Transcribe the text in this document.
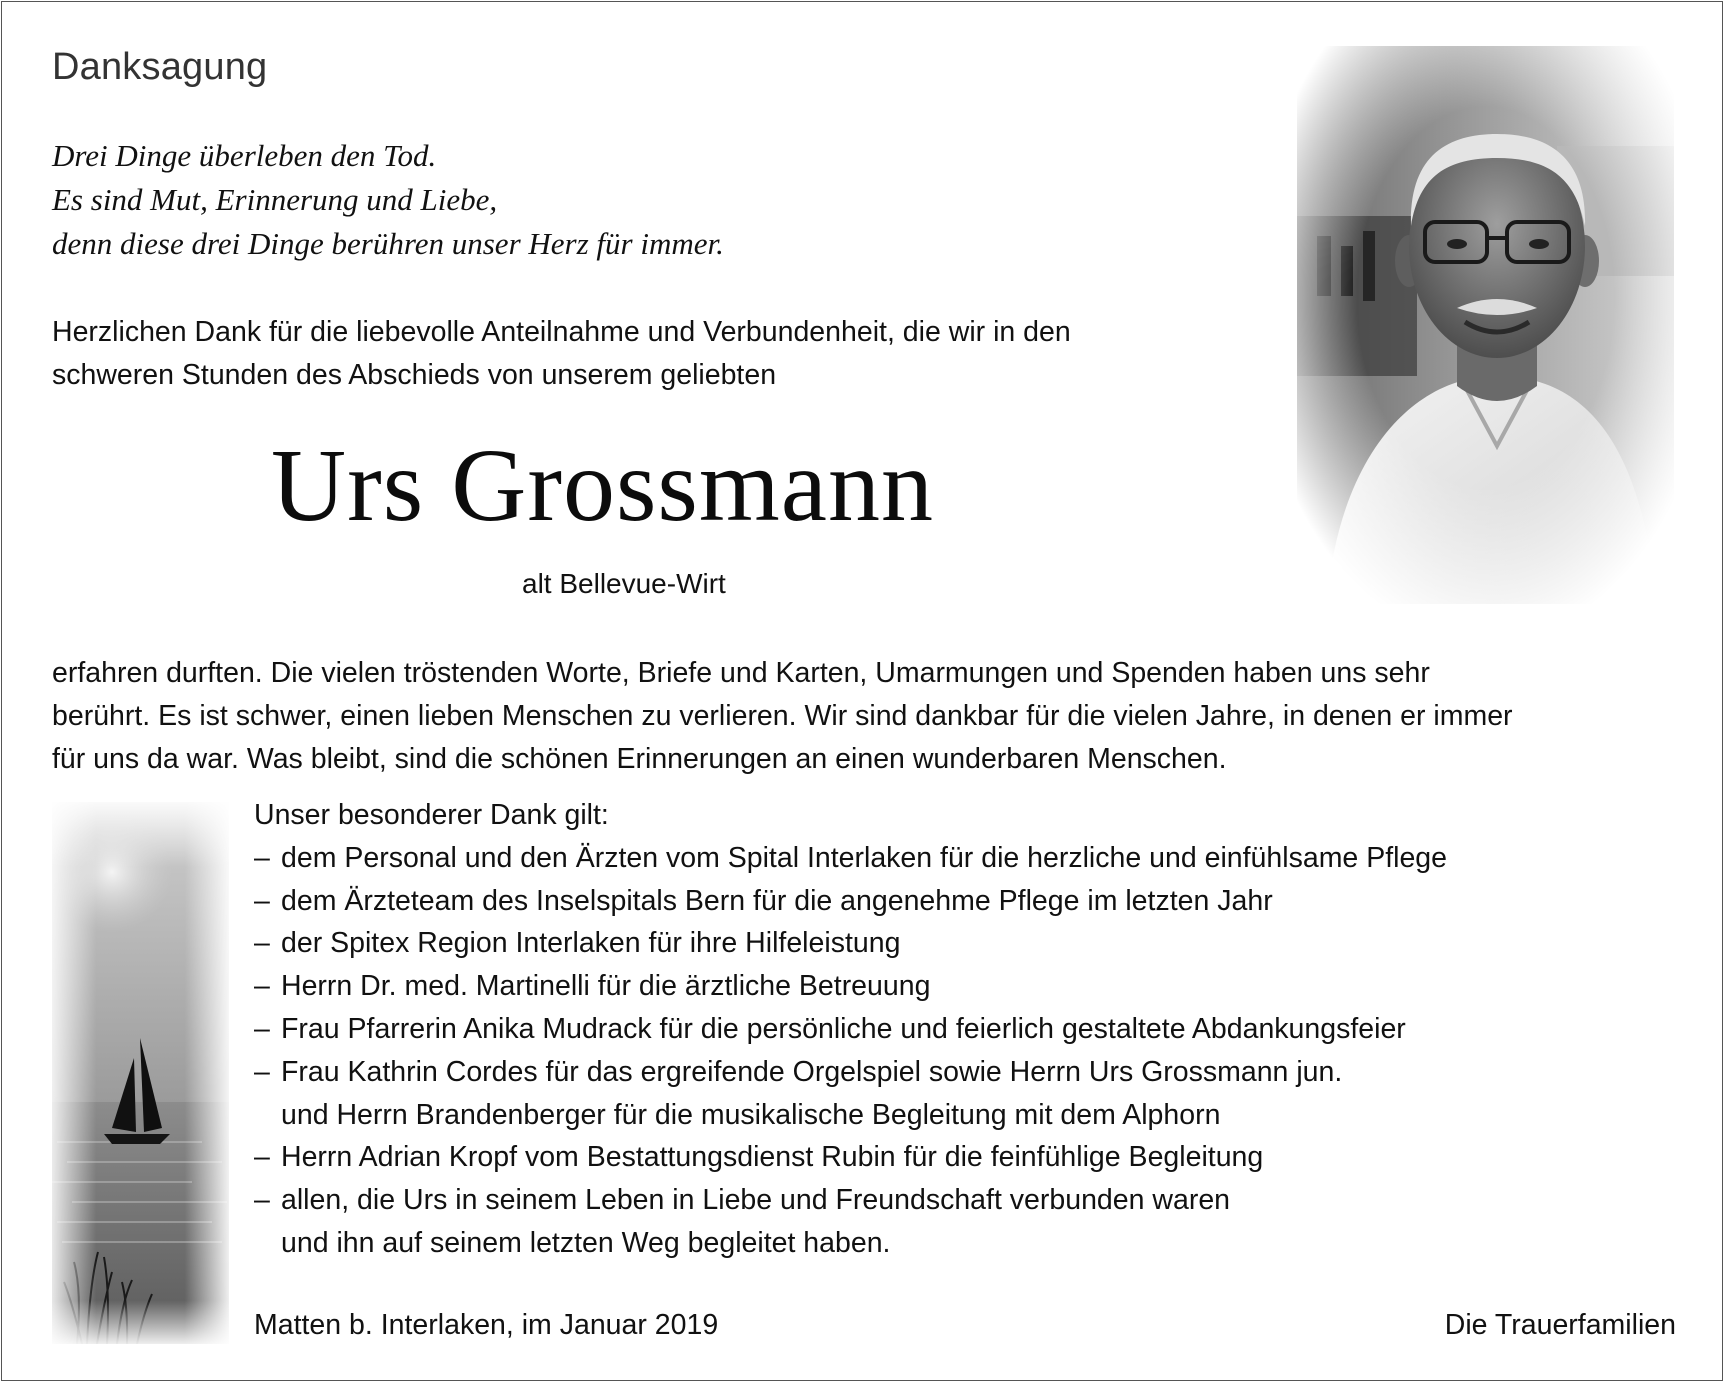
Danksagung
Drei Dinge überleben den Tod.
Es sind Mut, Erinnerung und Liebe,
denn diese drei Dinge berühren unser Herz für immer.
Herzlichen Dank für die liebevolle Anteilnahme und Verbundenheit, die wir in den
schweren Stunden des Abschieds von unserem geliebten
Urs Grossmann
alt Bellevue-Wirt
erfahren durften. Die vielen tröstenden Worte, Briefe und Karten, Umarmungen und Spenden haben uns sehr
berührt. Es ist schwer, einen lieben Menschen zu verlieren. Wir sind dankbar für die vielen Jahre, in denen er immer
für uns da war. Was bleibt, sind die schönen Erinnerungen an einen wunderbaren Menschen.
Unser besonderer Dank gilt:
– dem Personal und den Ärzten vom Spital Interlaken für die herzliche und einfühlsame Pflege
– dem Ärzteteam des Inselspitals Bern für die angenehme Pflege im letzten Jahr
– der Spitex Region Interlaken für ihre Hilfeleistung
– Herrn Dr. med. Martinelli für die ärztliche Betreuung
– Frau Pfarrerin Anika Mudrack für die persönliche und feierlich gestaltete Abdankungsfeier
– Frau Kathrin Cordes für das ergreifende Orgelspiel sowie Herrn Urs Grossmann jun.
und Herrn Brandenberger für die musikalische Begleitung mit dem Alphorn
– Herrn Adrian Kropf vom Bestattungsdienst Rubin für die feinfühlige Begleitung
– allen, die Urs in seinem Leben in Liebe und Freundschaft verbunden waren
und ihn auf seinem letzten Weg begleitet haben.
Matten b. Interlaken, im Januar 2019	Die Trauerfamilien
